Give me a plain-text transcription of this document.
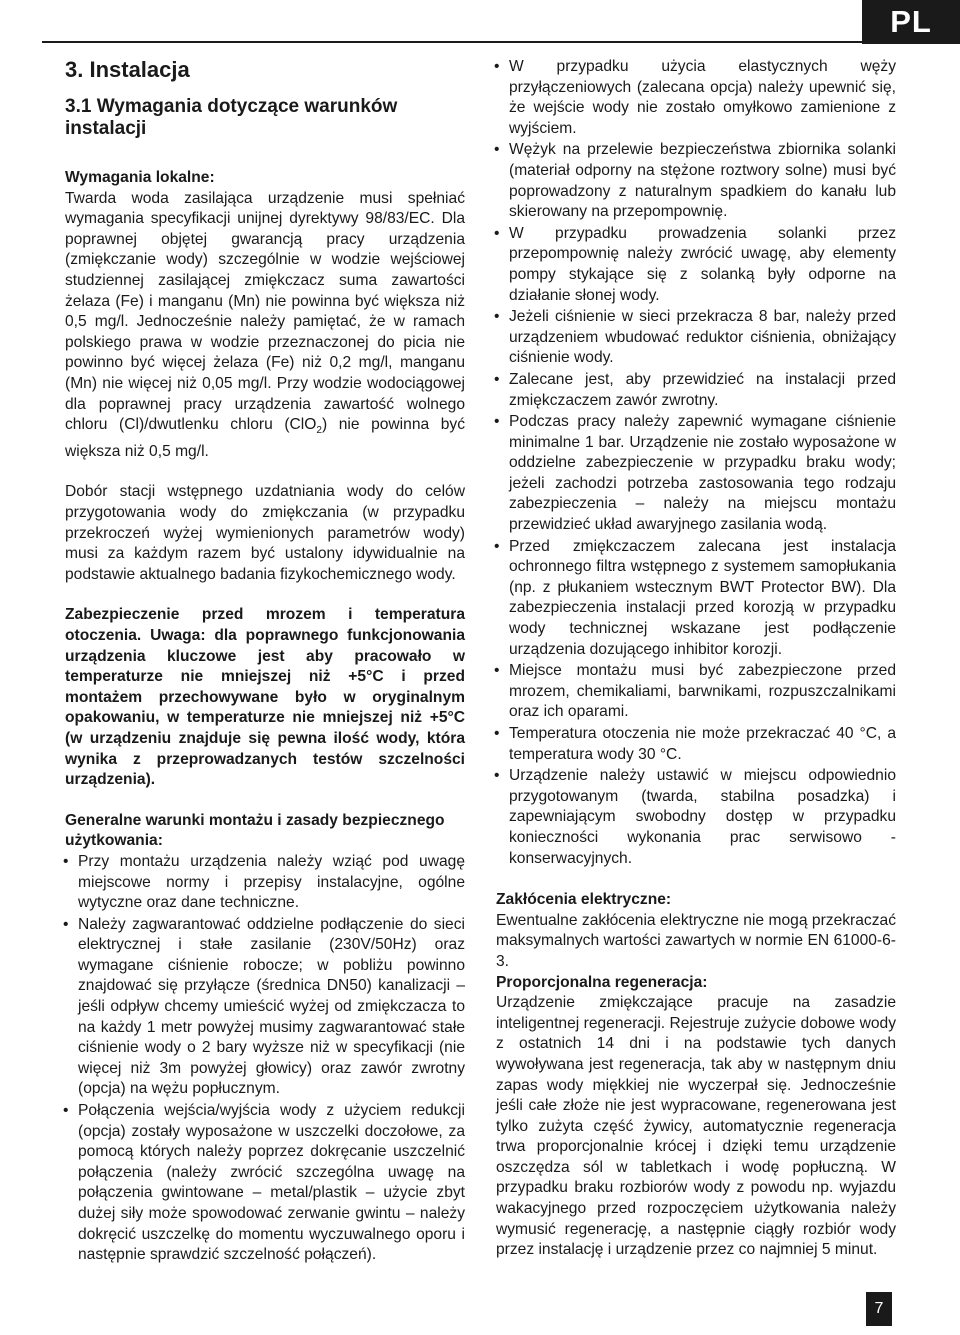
PL
3. Instalacja
3.1 Wymagania dotyczące warunków instalacji
Wymagania lokalne:

Twarda woda zasilająca urządzenie musi spełniać wymagania specyfikacji unijnej dyrektywy 98/83/EC. Dla poprawnej objętej gwarancją pracy urządzenia (zmiękczanie wody) szczególnie w wodzie wejściowej studziennej zasilającej zmiękczacz suma zawartości żelaza (Fe) i manganu (Mn) nie powinna być większa niż 0,5 mg/l. Jednocześnie należy pamiętać, że w ramach polskiego prawa w wodzie przeznaczonej do picia nie powinno być więcej żelaza (Fe) niż 0,2 mg/l, manganu (Mn) nie więcej niż 0,05 mg/l. Przy wodzie wodociągowej dla poprawnej pracy urządzenia zawartość wolnego chloru (Cl)/dwutlenku chloru (ClO$_2$) nie powinna być większa niż 0,5 mg/l.

Dobór stacji wstępnego uzdatniania wody do celów przygotowania wody do zmiękczania (w przypadku przekroczeń wyżej wymienionych parametrów wody) musi za każdym razem być ustalony idywidualnie na podstawie aktualnego badania fizykochemicznego wody.

Zabezpieczenie przed mrozem i temperatura otoczenia. Uwaga: dla poprawnego funkcjonowania urządzenia kluczowe jest aby pracowało w temperaturze nie mniejszej niż +5°C i przed montażem przechowywane było w oryginalnym opakowaniu, w temperaturze nie mniejszej niż +5°C (w urządzeniu znajduje się pewna ilość wody, która wynika z przeprowadzanych testów szczelności urządzenia).

Generalne warunki montażu i zasady bezpiecznego użytkowania:
• Przy montażu urządzenia należy wziąć pod uwagę miejscowe normy i przepisy instalacyjne, ogólne wytyczne oraz dane techniczne.
• Należy zagwarantować oddzielne podłączenie do sieci elektrycznej i stałe zasilanie (230V/50Hz) oraz wymagane ciśnienie robocze; w pobliżu powinno znajdować się przyłącze (średnica DN50) kanalizacji – jeśli odpływ chcemy umieścić wyżej od zmiękczacza to na każdy 1 metr powyżej musimy zagwarantować stałe ciśnienie wody o 2 bary wyższe niż w specyfikacji (nie więcej niż 3m powyżej głowicy) oraz zawór zwrotny (opcja) na wężu popłucznym.
• Połączenia wejścia/wyjścia wody z użyciem redukcji (opcja) zostały wyposażone w uszczelki doczołowe, za pomocą których należy poprzez dokręcanie uszczelnić połączenia (należy zwrócić szczególna uwagę na połączenia gwintowane – metal/plastik – użycie zbyt dużej siły może spowodować zerwanie gwintu – należy dokręcić uszczelkę do momentu wyczuwalnego oporu i następnie sprawdzić szczelność połączeń).
• W przypadku użycia elastycznych węży przyłączeniowych (zalecana opcja) należy upewnić się, że wejście wody nie zostało omyłkowo zamienione z wyjściem.
• Wężyk na przelewie bezpieczeństwa zbiornika solanki (materiał odporny na stężone roztwory solne) musi być poprowadzony z naturalnym spadkiem do kanału lub skierowany na przepompownię.
• W przypadku prowadzenia solanki przez przepompownię należy zwrócić uwagę, aby elementy pompy stykające się z solanką były odporne na działanie słonej wody.
• Jeżeli ciśnienie w sieci przekracza 8 bar, należy przed urządzeniem wbudować reduktor ciśnienia, obniżający ciśnienie wody.
• Zalecane jest, aby przewidzieć na instalacji przed zmiękczaczem zawór zwrotny.
• Podczas pracy należy zapewnić wymagane ciśnienie minimalne 1 bar. Urządzenie nie zostało wyposażone w oddzielne zabezpieczenie w przypadku braku wody; jeżeli zachodzi potrzeba zastosowania tego rodzaju zabezpieczenia – należy na miejscu montażu przewidzieć układ awaryjnego zasilania wodą.
• Przed zmiękczaczem zalecana jest instalacja ochronnego filtra wstępnego z systemem samopłukania (np. z płukaniem wstecznym BWT Protector BW). Dla zabezpieczenia instalacji przed korozją w przypadku wody technicznej wskazane jest podłączenie urządzenia dozującego inhibitor korozji.
• Miejsce montażu musi być zabezpieczone przed mrozem, chemikaliami, barwnikami, rozpuszczalnikami oraz ich oparami.
• Temperatura otoczenia nie może przekraczać 40 °C, a temperatura wody 30 °C.
• Urządzenie należy ustawić w miejscu odpowiednio przygotowanym (twarda, stabilna posadzka) i zapewniającym swobodny dostęp w przypadku konieczności wykonania prac serwisowo - konserwacyjnych.
Zakłócenia elektryczne:

Ewentualne zakłócenia elektryczne nie mogą przekraczać maksymalnych wartości zawartych w normie EN 61000-6-3.

Proporcjonalna regeneracja:

Urządzenie zmiękczające pracuje na zasadzie inteligentnej regeneracji. Rejestruje zużycie dobowe wody z ostatnich 14 dni i na podstawie tych danych wywoływana jest regeneracja, tak aby w następnym dniu zapas wody miękkiej nie wyczerpał się. Jednocześnie jeśli całe złoże nie jest wypracowane, regenerowana jest tylko zużyta część żywicy, automatycznie regeneracja trwa proporcjonalnie krócej i dzięki temu urządzenie oszczędza sól w tabletkach i wodę popłuczną. W przypadku braku rozbiorów wody z powodu np. wyjazdu wakacyjnego przed rozpoczęciem użytkowania należy wymusić regenerację, a następnie ciągły rozbiór wody przez instalację i urządzenie przez co najmniej 5 minut.

7
